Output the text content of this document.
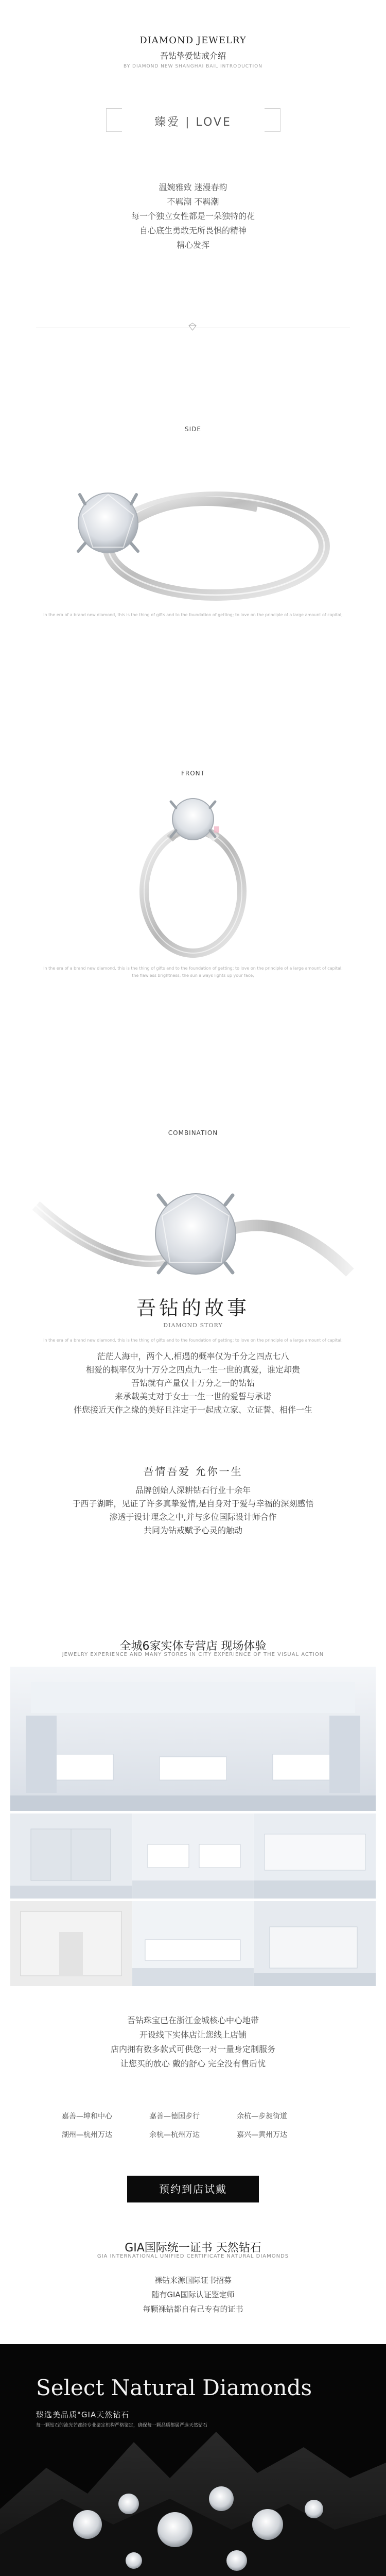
DIAMOND JEWELRY
吾钻挚爱钻戒介绍
BY DIAMOND NEW SHANGHAI BAIL INTRODUCTION
臻爱 | LOVE
温婉雅致 迷漫春韵
不羁潮 不羁潮
每一个独立女性都是一朵独特的花
自心底生勇敢无所畏惧的精神
精心发挥
SIDE
In the era of a brand new diamond, this is the thing of gifts and to the foundation of getting; to love on the principle of a large amount of capital;
FRONT
In the era of a brand new diamond, this is the thing of gifts and to the foundation of getting; to love on the principle of a large amount of capital;
the flawless brightness; the sun always lights up your face;
COMBINATION
In the era of a brand new diamond, this is the thing of gifts and to the foundation of getting; to love on the principle of a large amount of capital;
吾钻的故事
DIAMOND STORY
茫茫人海中，两个人,相遇的概率仅为千分之四点七八
相爱的概率仅为十万分之四点九一生一世的真爱，谁定却贵
吾钻就有产量仅十万分之一的钻钻
来承载美丈对于女士一生一世的爱誓与承诺
伴您接近天作之缘的美好且注定于一起成立家、立证誓、相伴一生
吾情吾爱 允你一生
品牌创始人深耕钻石行业十余年
于西子湖畔，见证了许多真挚爱情,是自身对于爱与幸福的深刻感悟
渗透于设计理念之中,并与多位国际设计师合作
共同为钻戒赋予心灵的触动
全城6家实体专营店 现场体验
JEWELRY EXPERIENCE AND MANY STORES IN CITY EXPERIENCE OF THE VISUAL ACTION
吾钻珠宝已在浙江金城核心中心地带
开设线下实体店让您线上店铺
店内拥有数多款式可供您一对一量身定制服务
让您买的放心 戴的舒心 完全没有售后忧
嘉善—坤和中心	嘉善—德国步行	余杭—步昶街道
湖州—杭州万达	余杭—杭州万达	嘉兴—黄州万达
预约到店试戴
GIA国际统一证书 天然钻石
GIA INTERNATIONAL UNIFIED CERTIFICATE NATURAL DIAMONDS
裸钻来源国际证书招募
随有GIA国际认证鉴定师
每颗裸钻都自有己专有的证书
Select Natural Diamonds
臻选美品质"GIA天然钻石
每一颗钻石的流光芒都经专业鉴定机构严格鉴定，确保每一颗品质都属严选天然钻石
